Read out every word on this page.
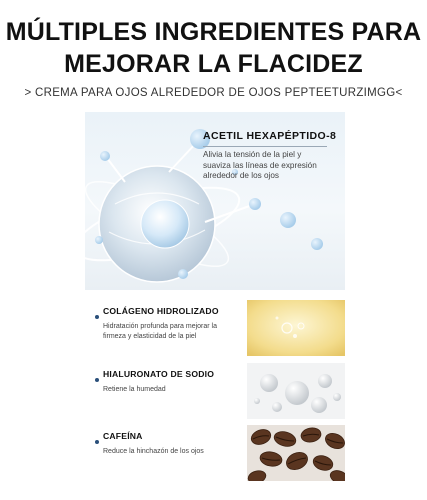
MÚLTIPLES INGREDIENTES PARA
MEJORAR LA FLACIDEZ
> CREMA PARA OJOS ALREDEDOR DE OJOS PEPTEETURZIMGG<
ACETIL HEXAPÉPTIDO-8
Alivia la tensión de la piel y
suaviza las líneas de expresión
alrededor de los ojos
COLÁGENO HIDROLIZADO
Hidratación profunda para mejorar la
firmeza y elasticidad de la piel
HIALURONATO DE SODIO
Retiene la humedad
CAFEÍNA
Reduce la hinchazón de los ojos
